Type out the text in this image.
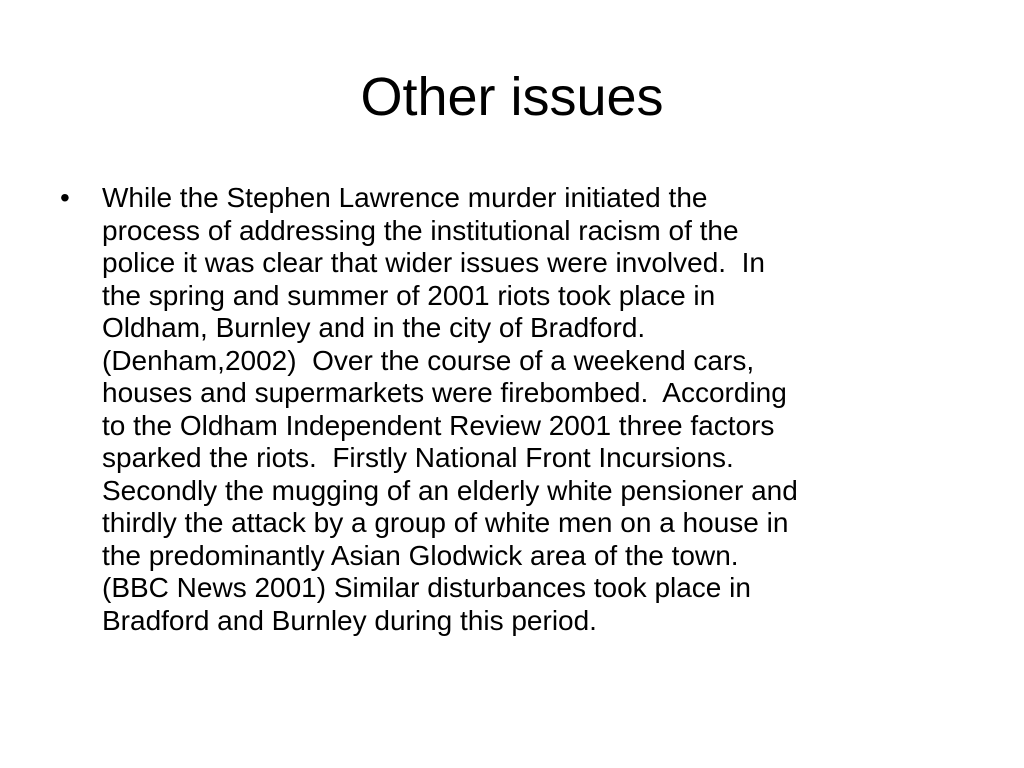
Other issues
•	While the Stephen Lawrence murder initiated the
process of addressing the institutional racism of the
police it was clear that wider issues were involved.  In
the spring and summer of 2001 riots took place in
Oldham, Burnley and in the city of Bradford.
(Denham,2002)  Over the course of a weekend cars,
houses and supermarkets were firebombed.  According
to the Oldham Independent Review 2001 three factors
sparked the riots.  Firstly National Front Incursions.
Secondly the mugging of an elderly white pensioner and
thirdly the attack by a group of white men on a house in
the predominantly Asian Glodwick area of the town.
(BBC News 2001) Similar disturbances took place in
Bradford and Burnley during this period.
